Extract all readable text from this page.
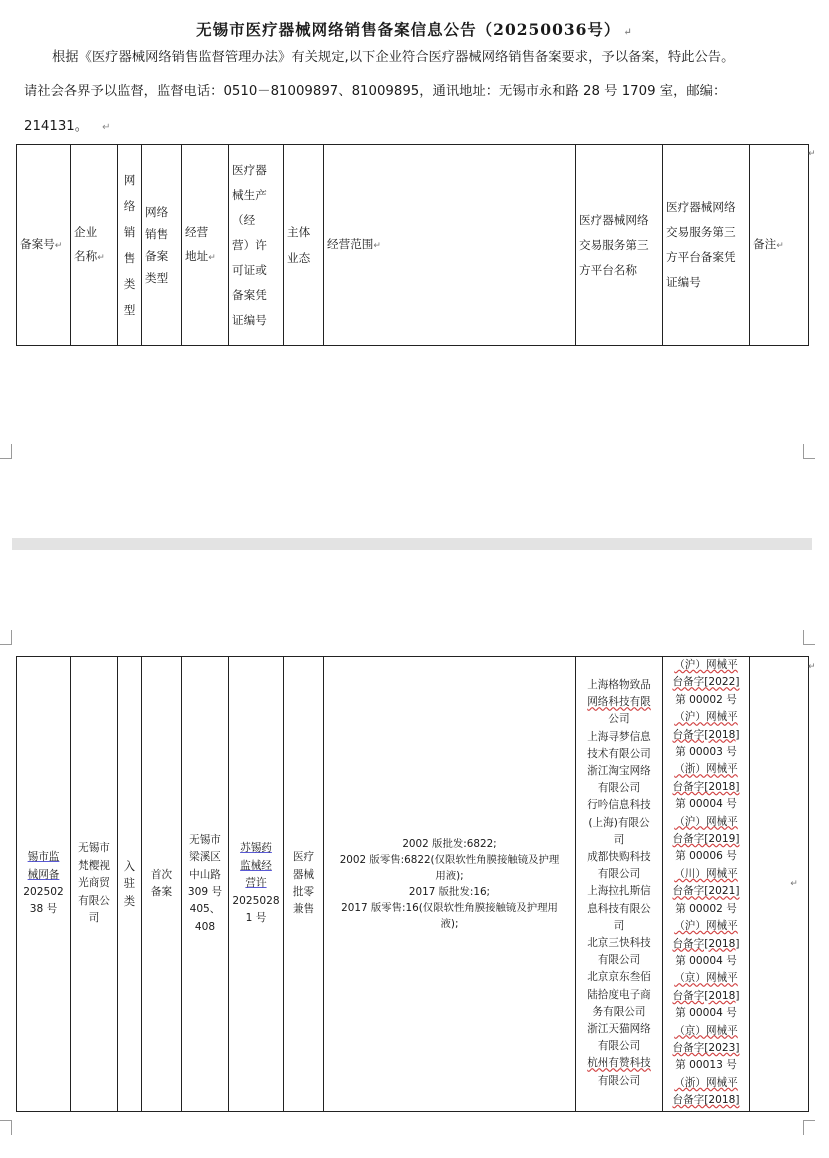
无锡市医疗器械网络销售备案信息公告（20250036号） ↵
根据《医疗器械网络销售监督管理办法》有关规定,以下企业符合医疗器械网络销售备案要求，予以备案，特此公告。
请社会各界予以监督，监督电话：0510－81009897、81009895，通讯地址：无锡市永和路 28 号 1709 室，邮编：
214131。 ↵
备案号↵	
企业
名称↵

网
络
销
售
类
型

网络
销售
备案
类型

经营
地址↵

医疗器
械生产
（经
营）许
可证或
备案凭
证编号

主体
业态
	经营范围↵	
医疗器械网络
交易服务第三
方平台名称

医疗器械网络
交易服务第三
方平台备案凭
证编号
	备注↵
↵
锡市监
械网备
202502
38 号

无锡市
梵樱视
光商贸
有限公
司

入
驻
类

首次
备案

无锡市
梁溪区
中山路
309 号
405、
408

苏锡药
监械经
营许
2025028
1 号

医疗
器械
批零
兼售

2002 版批发:6822;
2002 版零售:6822(仅限软性角膜接触镜及护理
用液);
2017 版批发:16;
2017 版零售:16(仅限软性角膜接触镜及护理用
液);

上海格物致品
网络科技有限
公司
上海寻梦信息
技术有限公司
浙江淘宝网络
有限公司
行吟信息科技
(上海)有限公
司
成都快购科技
有限公司
上海拉扎斯信
息科技有限公
司
北京三快科技
有限公司
北京京东叁佰
陆拾度电子商
务有限公司
浙江天猫网络
有限公司
杭州有赞科技
有限公司

（沪）网械平
台备字[2022]
第 00002 号
（沪）网械平
台备字[2018]
第 00003 号
（浙）网械平
台备字[2018]
第 00004 号
（沪）网械平
台备字[2019]
第 00006 号
（川）网械平
台备字[2021]
第 00002 号
（沪）网械平
台备字[2018]
第 00004 号
（京）网械平
台备字[2018]
第 00004 号
（京）网械平
台备字[2023]
第 00013 号
（浙）网械平
台备字[2018]
	↵
↵
